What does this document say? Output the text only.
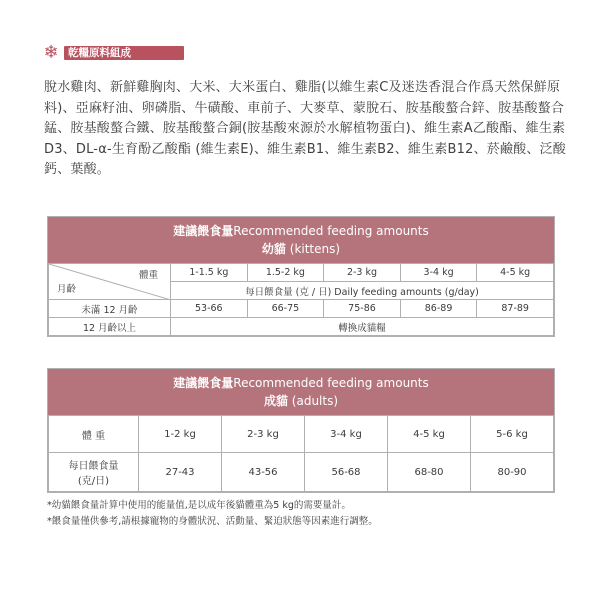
❄ 乾糧原料組成
脫水雞肉、新鮮雞胸肉、大米、大米蛋白、雞脂(以維生素C及迷迭香混合作爲天然保鮮原料)、亞麻籽油、卵磷脂、牛磺酸、車前子、大麥草、蒙脫石、胺基酸螯合鋅、胺基酸螯合錳、胺基酸螯合鐵、胺基酸螯合銅(胺基酸來源於水解植物蛋白)、維生素A乙酸酯、維生素D3、DL-α-生育酚乙酸酯 (維生素E)、維生素B1、維生素B2、維生素B12、菸鹼酸、泛酸鈣、葉酸。
建議餵食量Recommended feeding amounts
幼貓 (kittens)
體重
月齡	1-1.5 kg	1.5-2 kg	2-3 kg	3-4 kg	4-5 kg
	每日餵食量 (克 / 日) Daily feeding amounts (g/day)				
未滿 12 月齡	53-66	66-75	75-86	86-89	87-89
12 月齡以上	轉換成貓糧				
建議餵食量Recommended feeding amounts
成貓 (adults)
體 重	1-2 kg	2-3 kg	3-4 kg	4-5 kg	5-6 kg

每日餵食量
(克/日)	27-43	43-56	56-68	68-80	80-90
*幼貓餵食量計算中使用的能量值,是以成年後貓體重為5 kg的需要量計。
*餵食量僅供參考,請根據寵物的身體狀況、活動量、緊迫狀態等因素進行調整。
